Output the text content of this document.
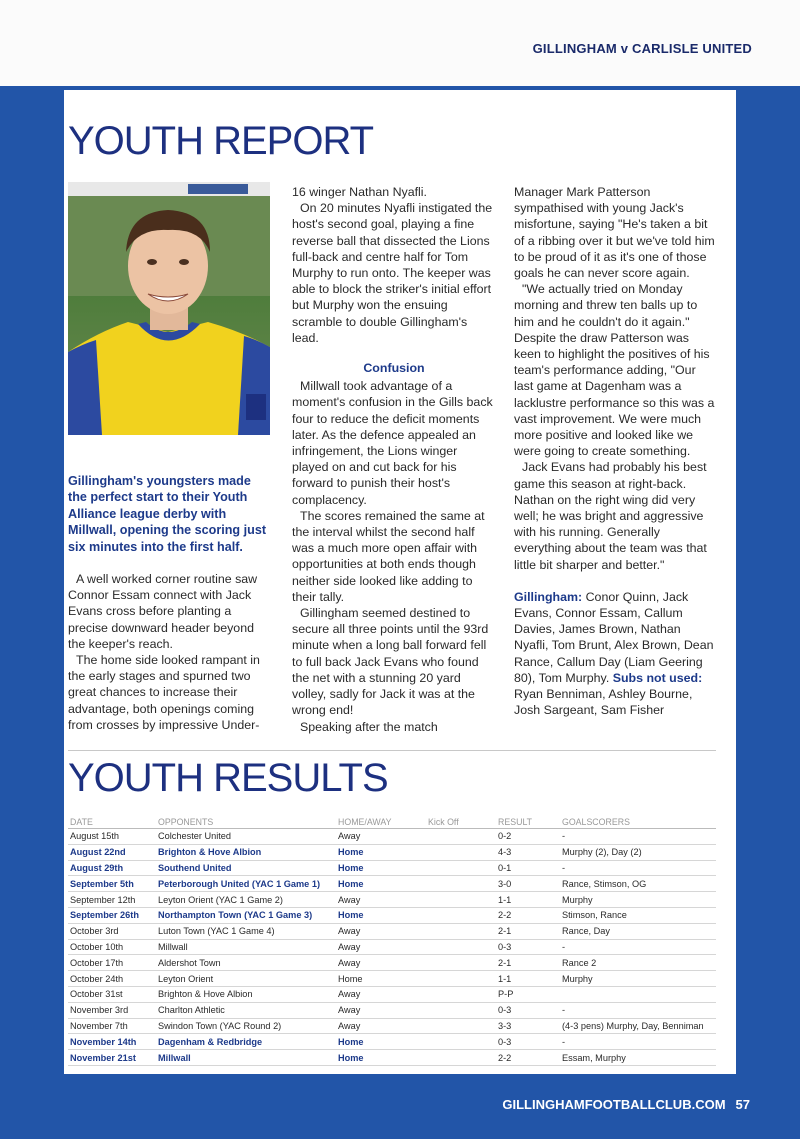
GILLINGHAM v CARLISLE UNITED
YOUTH REPORT
Gillingham's youngsters made the perfect start to their Youth Alliance league derby with Millwall, opening the scoring just six minutes into the first half.

A well worked corner routine saw Connor Essam connect with Jack Evans cross before planting a precise downward header beyond the keeper's reach.

The home side looked rampant in the early stages and spurned two great chances to increase their advantage, both openings coming from crosses by impressive Under-

16 winger Nathan Nyafli.

On 20 minutes Nyafli instigated the host's second goal, playing a fine reverse ball that dissected the Lions full-back and centre half for Tom Murphy to run onto. The keeper was able to block the striker's initial effort but Murphy won the ensuing scramble to double Gillingham's lead.

Confusion

Millwall took advantage of a moment's confusion in the Gills back four to reduce the deficit moments later. As the defence appealed an infringement, the Lions winger played on and cut back for his forward to punish their host's complacency.

The scores remained the same at the interval whilst the second half was a much more open affair with opportunities at both ends though neither side looked like adding to their tally.

Gillingham seemed destined to secure all three points until the 93rd minute when a long ball forward fell to full back Jack Evans who found the net with a stunning 20 yard volley, sadly for Jack it was at the wrong end!

Speaking after the match

Manager Mark Patterson sympathised with young Jack's misfortune, saying "He's taken a bit of a ribbing over it but we've told him to be proud of it as it's one of those goals he can never score again.

"We actually tried on Monday morning and threw ten balls up to him and he couldn't do it again." Despite the draw Patterson was keen to highlight the positives of his team's performance adding, "Our last game at Dagenham was a lacklustre performance so this was a vast improvement. We were much more positive and looked like we were going to create something.

Jack Evans had probably his best game this season at right-back. Nathan on the right wing did very well; he was bright and aggressive with his running. Generally everything about the team was that little bit sharper and better."

Gillingham: Conor Quinn, Jack Evans, Connor Essam, Callum Davies, James Brown, Nathan Nyafli, Tom Brunt, Alex Brown, Dean Rance, Callum Day (Liam Geering 80), Tom Murphy. Subs not used: Ryan Benniman, Ashley Bourne, Josh Sargeant, Sam Fisher

YOUTH RESULTS
DATE	OPPONENTS	HOME/AWAY	Kick Off	RESULT	GOALSCORERS
August 15th	Colchester United	Away		0-2	-
August 22nd	Brighton & Hove Albion	Home		4-3	Murphy (2), Day (2)
August 29th	Southend United	Home		0-1	-
September 5th	Peterborough United (YAC 1 Game 1)	Home		3-0	Rance, Stimson, OG
September 12th	Leyton Orient (YAC 1 Game 2)	Away		1-1	Murphy
September 26th	Northampton Town (YAC 1 Game 3)	Home		2-2	Stimson, Rance
October 3rd	Luton Town (YAC 1 Game 4)	Away		2-1	Rance, Day
October 10th	Millwall	Away		0-3	-
October 17th	Aldershot Town	Away		2-1	Rance 2
October 24th	Leyton Orient	Home		1-1	Murphy
October 31st	Brighton & Hove Albion	Away		P-P	
November 3rd	Charlton Athletic	Away		0-3	-
November 7th	Swindon Town (YAC Round 2)	Away		3-3	(4-3 pens) Murphy, Day, Benniman
November 14th	Dagenham & Redbridge	Home		0-3	-
November 21st	Millwall	Home		2-2	Essam, Murphy
GILLINGHAMFOOTBALLCLUB.COM 57
